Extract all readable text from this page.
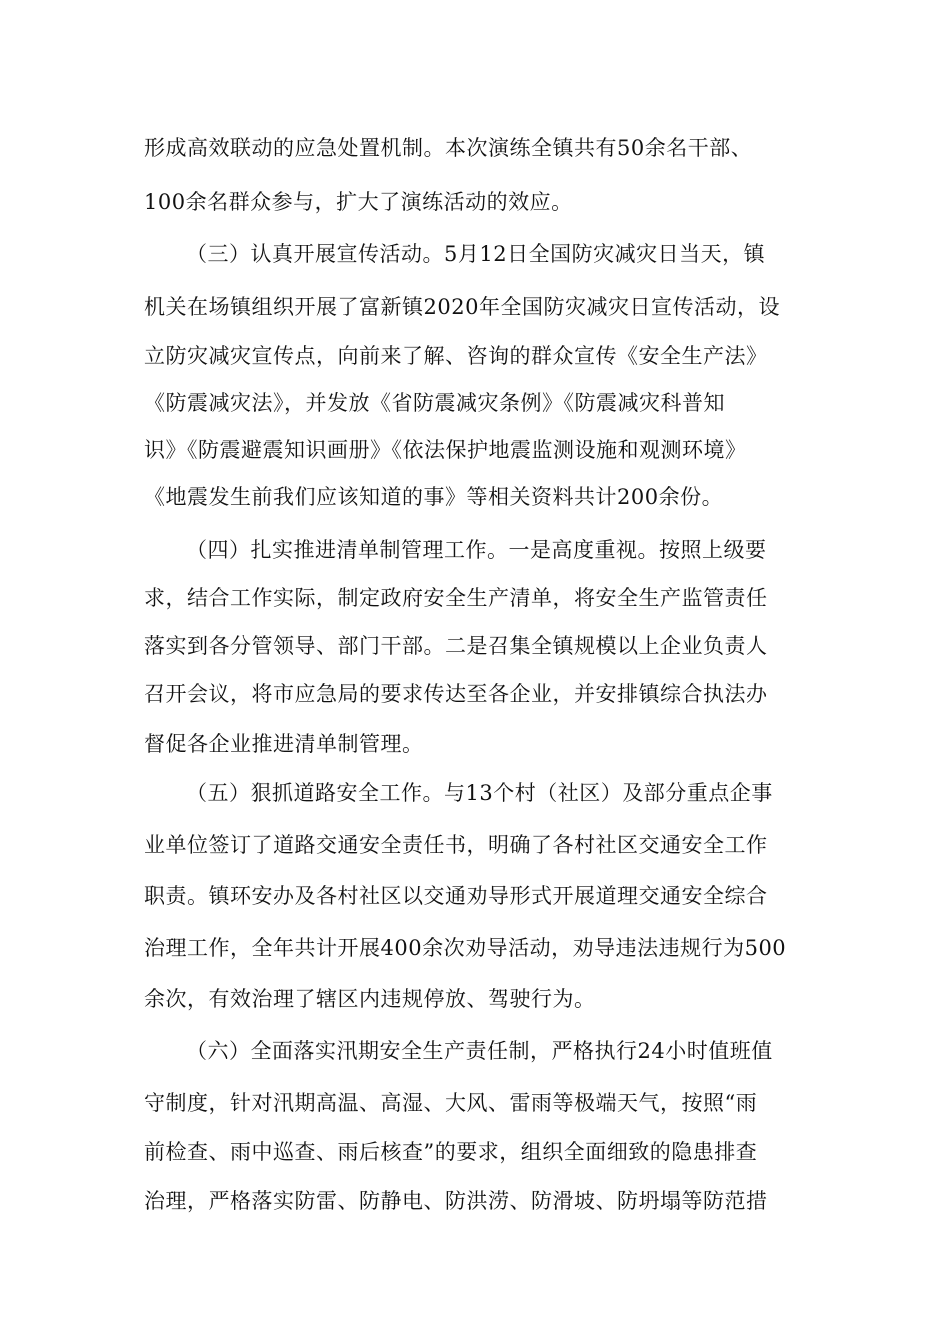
形成高效联动的应急处置机制。本次演练全镇共有50余名干部、
100余名群众参与，扩大了演练活动的效应。
（三）认真开展宣传活动。5月12日全国防灾减灾日当天，镇
机关在场镇组织开展了富新镇2020年全国防灾减灾日宣传活动，设
立防灾减灾宣传点，向前来了解、咨询的群众宣传《安全生产法》
《防震减灾法》，并发放《省防震减灾条例》《防震减灾科普知
识》《防震避震知识画册》《依法保护地震监测设施和观测环境》
《地震发生前我们应该知道的事》等相关资料共计200余份。
（四）扎实推进清单制管理工作。一是高度重视。按照上级要
求，结合工作实际，制定政府安全生产清单，将安全生产监管责任
落实到各分管领导、部门干部。二是召集全镇规模以上企业负责人
召开会议，将市应急局的要求传达至各企业，并安排镇综合执法办
督促各企业推进清单制管理。
（五）狠抓道路安全工作。与13个村（社区）及部分重点企事
业单位签订了道路交通安全责任书，明确了各村社区交通安全工作
职责。镇环安办及各村社区以交通劝导形式开展道理交通安全综合
治理工作，全年共计开展400余次劝导活动，劝导违法违规行为500
余次，有效治理了辖区内违规停放、驾驶行为。
（六）全面落实汛期安全生产责任制，严格执行24小时值班值
守制度，针对汛期高温、高湿、大风、雷雨等极端天气，按照“雨
前检查、雨中巡查、雨后核查”的要求，组织全面细致的隐患排查
治理，严格落实防雷、防静电、防洪涝、防滑坡、防坍塌等防范措
